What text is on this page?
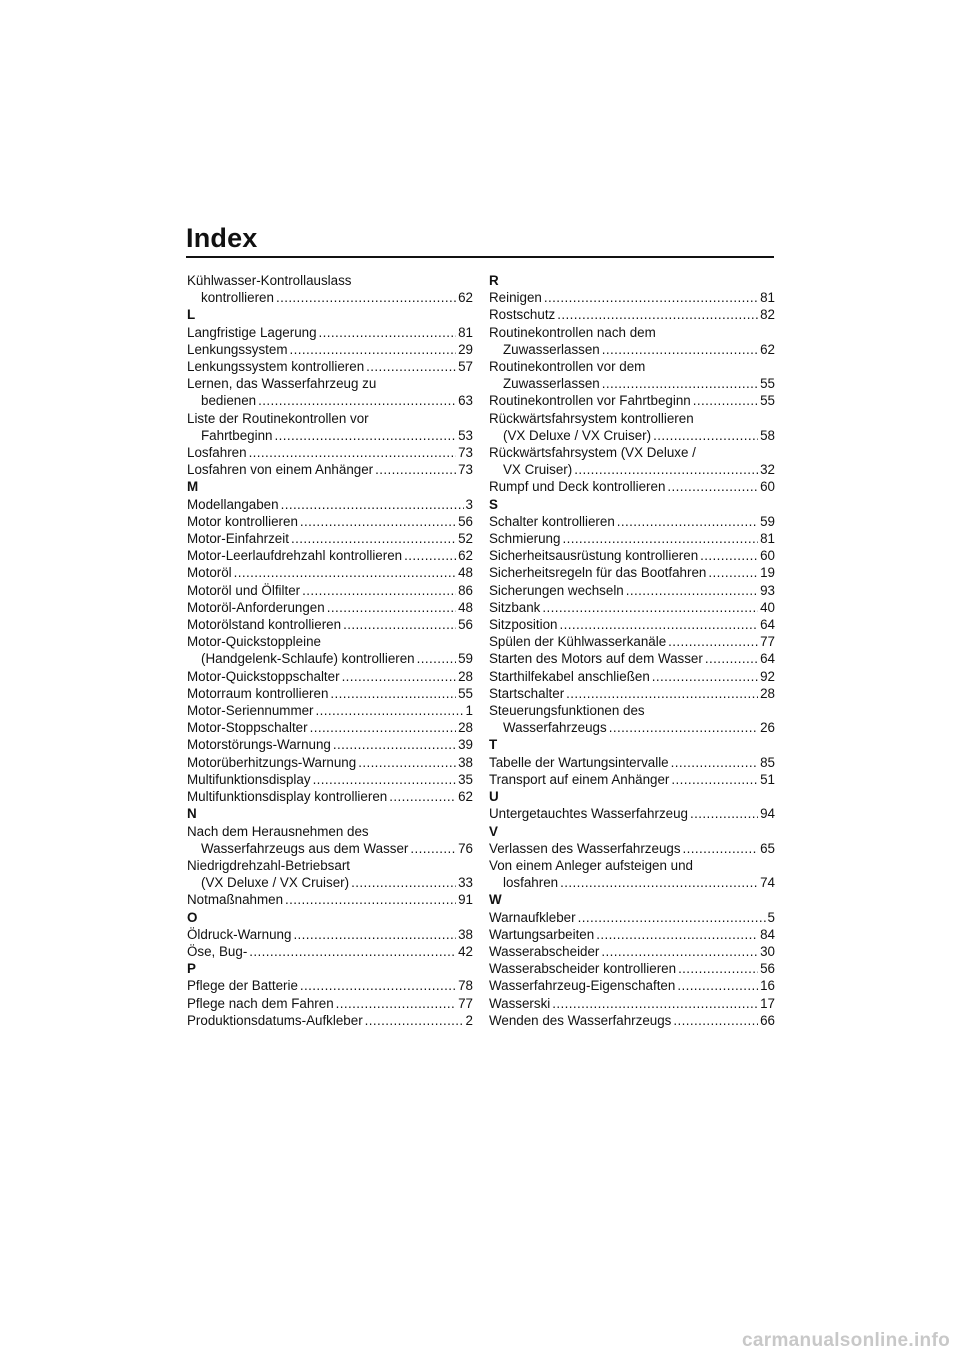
Index
Kühlwasser-Kontrollauslass
kontrollieren .....	62
L
Langfristige Lagerung .....	81
Lenkungssystem .....	29
Lenkungssystem kontrollieren .....	57
Lernen, das Wasserfahrzeug zu
bedienen .....	63
Liste der Routinekontrollen vor
Fahrtbeginn .....	53
Losfahren .....	73
Losfahren von einem Anhänger .....	73
M
Modellangaben .....	3
Motor kontrollieren .....	56
Motor-Einfahrzeit .....	52
Motor-Leerlaufdrehzahl kontrollieren .....	62
Motoröl .....	48
Motoröl und Ölfilter .....	86
Motoröl-Anforderungen .....	48
Motorölstand kontrollieren .....	56
Motor-Quickstoppleine
(Handgelenk-Schlaufe) kontrollieren .....	59
Motor-Quickstoppschalter .....	28
Motorraum kontrollieren .....	55
Motor-Seriennummer .....	1
Motor-Stoppschalter .....	28
Motorstörungs-Warnung .....	39
Motorüberhitzungs-Warnung .....	38
Multifunktionsdisplay .....	35
Multifunktionsdisplay kontrollieren .....	62
N
Nach dem Herausnehmen des
Wasserfahrzeugs aus dem Wasser .....	76
Niedrigdrehzahl-Betriebsart
(VX Deluxe / VX Cruiser) .....	33
Notmaßnahmen .....	91
O
Öldruck-Warnung .....	38
Öse, Bug- .....	42
P
Pflege der Batterie .....	78
Pflege nach dem Fahren .....	77
Produktionsdatums-Aufkleber .....	2
R
Reinigen .....	81
Rostschutz .....	82
Routinekontrollen nach dem
Zuwasserlassen .....	62
Routinekontrollen vor dem
Zuwasserlassen .....	55
Routinekontrollen vor Fahrtbeginn .....	55
Rückwärtsfahrsystem kontrollieren
(VX Deluxe / VX Cruiser) .....	58
Rückwärtsfahrsystem (VX Deluxe /
VX Cruiser) .....	32
Rumpf und Deck kontrollieren .....	60
S
Schalter kontrollieren .....	59
Schmierung .....	81
Sicherheitsausrüstung kontrollieren .....	60
Sicherheitsregeln für das Bootfahren .....	19
Sicherungen wechseln .....	93
Sitzbank .....	40
Sitzposition .....	64
Spülen der Kühlwasserkanäle .....	77
Starten des Motors auf dem Wasser .....	64
Starthilfekabel anschließen .....	92
Startschalter .....	28
Steuerungsfunktionen des
Wasserfahrzeugs .....	26
T
Tabelle der Wartungsintervalle .....	85
Transport auf einem Anhänger .....	51
U
Untergetauchtes Wasserfahrzeug .....	94
V
Verlassen des Wasserfahrzeugs .....	65
Von einem Anleger aufsteigen und
losfahren .....	74
W
Warnaufkleber .....	5
Wartungsarbeiten .....	84
Wasserabscheider .....	30
Wasserabscheider kontrollieren .....	56
Wasserfahrzeug-Eigenschaften .....	16
Wasserski .....	17
Wenden des Wasserfahrzeugs .....	66
carmanualsonline.info
